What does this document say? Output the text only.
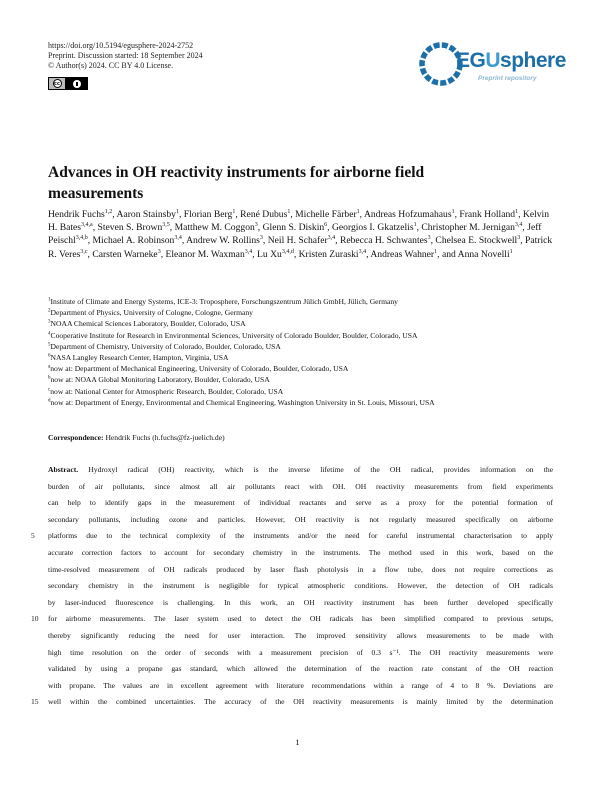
https://doi.org/10.5194/egusphere-2024-2752
Preprint. Discussion started: 18 September 2024
© Author(s) 2024. CC BY 4.0 License.
cc
EGUsphere
Preprint repository
Advances in OH reactivity instruments for airborne field measurements
Hendrik Fuchs$^{1,2}$, Aaron Stainsby$^1$, Florian Berg$^1$, René Dubus$^1$, Michelle Färber$^1$, Andreas Hofzumahaus$^1$, Frank Holland$^1$, Kelvin H. Bates$^{3,4,a}$, Steven S. Brown$^{3,5}$, Matthew M. Coggon$^3$, Glenn S. Diskin$^6$, Georgios I. Gkatzelis$^1$, Christopher M. Jernigan$^{3,4}$, Jeff Peischl$^{3,4,b}$, Michael A. Robinson$^{3,4}$, Andrew W. Rollins$^3$, Neil H. Schafer$^{3,4}$, Rebecca H. Schwantes$^3$, Chelsea E. Stockwell$^3$, Patrick R. Veres$^{3,c}$, Carsten Warneke$^3$, Eleanor M. Waxman$^{3,4}$, Lu Xu$^{3,4,d}$, Kristen Zuraski$^{3,4}$, Andreas Wahner$^1$, and Anna Novelli$^1$
$^1$Institute of Climate and Energy Systems, ICE-3: Troposphere, Forschungszentrum Jülich GmbH, Jülich, Germany
$^2$Department of Physics, University of Cologne, Cologne, Germany
$^3$NOAA Chemical Sciences Laboratory, Boulder, Colorado, USA
$^4$Cooperative Institute for Research in Environmental Sciences, University of Colorado Boulder, Boulder, Colorado, USA
$^5$Department of Chemistry, University of Colorado, Boulder, Colorado, USA
$^6$NASA Langley Research Center, Hampton, Virginia, USA
$^a$now at: Department of Mechanical Engineering, University of Colorado, Boulder, Colorado, USA
$^b$now at: NOAA Global Monitoring Laboratory, Boulder, Colorado, USA
$^c$now at: National Center for Atmospheric Research, Boulder, Colorado, USA
$^d$now at: Department of Energy, Environmental and Chemical Engineering, Washington University in St. Louis, Missouri, USA
Correspondence: Hendrik Fuchs (h.fuchs@fz-juelich.de)
Abstract. Hydroxyl radical (OH) reactivity, which is the inverse lifetime of the OH radical, provides information on the
burden of air pollutants, since almost all air pollutants react with OH. OH reactivity measurements from field experiments
can help to identify gaps in the measurement of individual reactants and serve as a proxy for the potential formation of
secondary pollutants, including ozone and particles. However, OH reactivity is not regularly measured specifically on airborne
5	platforms due to the technical complexity of the instruments and/or the need for careful instrumental characterisation to apply
accurate correction factors to account for secondary chemistry in the instruments. The method used in this work, based on the
time-resolved measurement of OH radicals produced by laser flash photolysis in a flow tube, does not require corrections as
secondary chemistry in the instrument is negligible for typical atmospheric conditions. However, the detection of OH radicals
by laser-induced fluorescence is challenging. In this work, an OH reactivity instrument has been further developed specifically
10	for airborne measurements. The laser system used to detect the OH radicals has been simplified compared to previous setups,
thereby significantly reducing the need for user interaction. The improved sensitivity allows measurements to be made with
high time resolution on the order of seconds with a measurement precision of 0.3 s⁻¹. The OH reactivity measurements were
validated by using a propane gas standard, which allowed the determination of the reaction rate constant of the OH reaction
with propane. The values are in excellent agreement with literature recommendations within a range of 4 to 8 %. Deviations are
15	well within the combined uncertainties. The accuracy of the OH reactivity measurements is mainly limited by the determination
1
